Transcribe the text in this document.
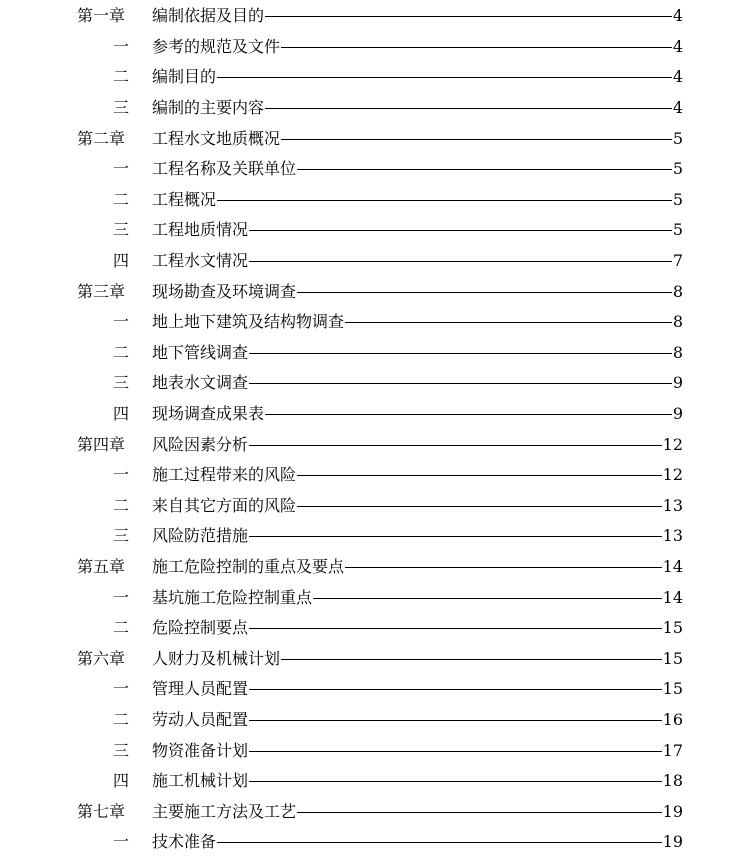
第一章	编制依据及目的	4
一	参考的规范及文件	4
二	编制目的	4
三	编制的主要内容	4
第二章	工程水文地质概况	5
一	工程名称及关联单位	5
二	工程概况	5
三	工程地质情况	5
四	工程水文情况	7
第三章	现场勘查及环境调查	8
一	地上地下建筑及结构物调查	8
二	地下管线调查	8
三	地表水文调查	9
四	现场调查成果表	9
第四章	风险因素分析	12
一	施工过程带来的风险	12
二	来自其它方面的风险	13
三	风险防范措施	13
第五章	施工危险控制的重点及要点	14
一	基坑施工危险控制重点	14
二	危险控制要点	15
第六章	人财力及机械计划	15
一	管理人员配置	15
二	劳动人员配置	16
三	物资准备计划	17
四	施工机械计划	18
第七章	主要施工方法及工艺	19
一	技术准备	19
